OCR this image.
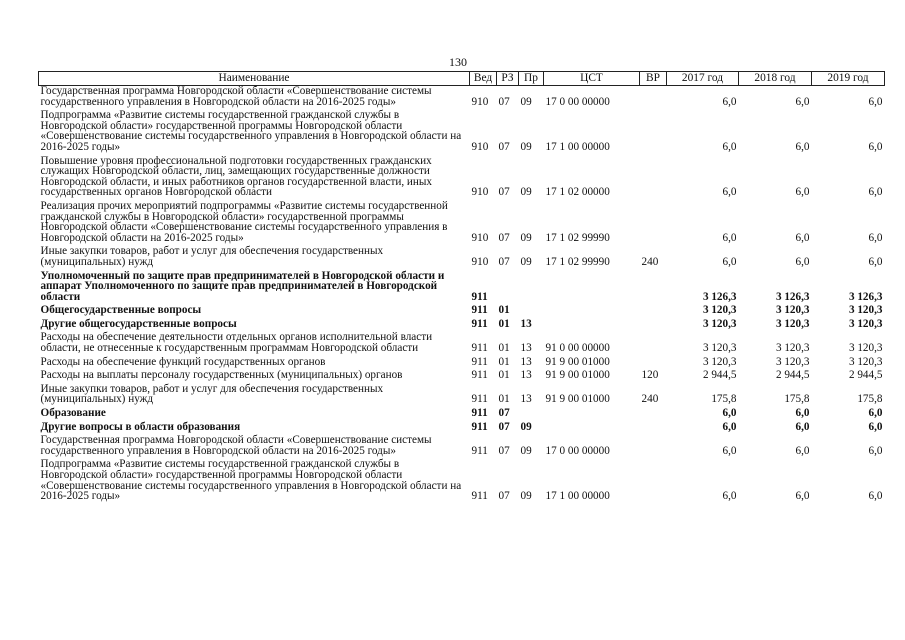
130
Наименование	Вед	РЗ	Пр	ЦСТ	ВР	2017 год	2018 год	2019 год
Государственная программа Новгородской области «Совершенствование системы государственного управления в Новгородской области на 2016-2025 годы»	910	07	09	17 0 00 00000		6,0	6,0	6,0
Подпрограмма «Развитие системы государственной гражданской службы в Новгородской области» государственной программы Новгородской области «Совершенствование системы государственного управления в Новгородской области на 2016-2025 годы»	910	07	09	17 1 00 00000		6,0	6,0	6,0
Повышение уровня профессиональной подготовки государственных гражданских служащих Новгородской области, лиц, замещающих государственные должности Новгородской области, и иных работников органов государственной власти, иных государственных органов Новгородской области	910	07	09	17 1 02 00000		6,0	6,0	6,0
Реализация прочих мероприятий подпрограммы «Развитие системы государственной гражданской службы в Новгородской области» государственной программы Новгородской области «Совершенствование системы государственного управления в Новгородской области на 2016-2025 годы»	910	07	09	17 1 02 99990		6,0	6,0	6,0
Иные закупки товаров, работ и услуг для обеспечения государственных (муниципальных) нужд	910	07	09	17 1 02 99990	240	6,0	6,0	6,0
Уполномоченный по защите прав предпринимателей в Новгородской области и аппарат Уполномоченного по защите прав предпринимателей в Новгородской области	911					3 126,3	3 126,3	3 126,3
Общегосударственные вопросы	911	01				3 120,3	3 120,3	3 120,3
Другие общегосударственные вопросы	911	01	13			3 120,3	3 120,3	3 120,3
Расходы на обеспечение деятельности отдельных органов исполнительной власти области, не отнесенные к государственным программам Новгородской области	911	01	13	91 0 00 00000		3 120,3	3 120,3	3 120,3
Расходы на обеспечение функций государственных органов	911	01	13	91 9 00 01000		3 120,3	3 120,3	3 120,3
Расходы на выплаты персоналу государственных (муниципальных) органов	911	01	13	91 9 00 01000	120	2 944,5	2 944,5	2 944,5
Иные закупки товаров, работ и услуг для обеспечения государственных (муниципальных) нужд	911	01	13	91 9 00 01000	240	175,8	175,8	175,8
Образование	911	07				6,0	6,0	6,0
Другие вопросы в области образования	911	07	09			6,0	6,0	6,0
Государственная программа Новгородской области «Совершенствование системы государственного управления в Новгородской области на 2016-2025 годы»	911	07	09	17 0 00 00000		6,0	6,0	6,0
Подпрограмма «Развитие системы государственной гражданской службы в Новгородской области» государственной программы Новгородской области «Совершенствование системы государственного управления в Новгородской области на 2016-2025 годы»	911	07	09	17 1 00 00000		6,0	6,0	6,0
